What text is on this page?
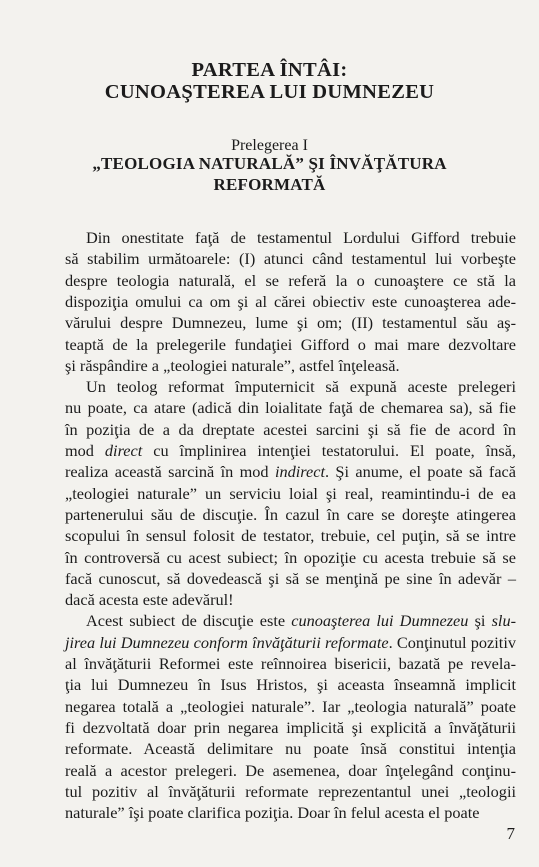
PARTEA ÎNTÂI:
CUNOAŞTEREA LUI DUMNEZEU
Prelegerea I
„TEOLOGIA NATURALĂ” ŞI ÎNVĂŢĂTURA
REFORMATĂ
Din onestitate faţă de testamentul Lordului Gifford trebuie
să stabilim următoarele: (I) atunci când testamentul lui vorbeşte
despre teologia naturală, el se referă la o cunoaştere ce stă la
dispoziţia omului ca om şi al cărei obiectiv este cunoaşterea ade-
vărului despre Dumnezeu, lume şi om; (II) testamentul său aş-
teaptă de la prelegerile fundaţiei Gifford o mai mare dezvoltare
şi răspândire a „teologiei naturale”, astfel înţeleasă.
Un teolog reformat împuternicit să expună aceste prelegeri
nu poate, ca atare (adică din loialitate faţă de chemarea sa), să fie
în poziţia de a da dreptate acestei sarcini şi să fie de acord în
mod direct cu împlinirea intenţiei testatorului. El poate, însă,
realiza această sarcină în mod indirect. Şi anume, el poate să facă
„teologiei naturale” un serviciu loial şi real, reamintindu-i de ea
partenerului său de discuţie. În cazul în care se doreşte atingerea
scopului în sensul folosit de testator, trebuie, cel puţin, să se intre
în controversă cu acest subiect; în opoziţie cu acesta trebuie să se
facă cunoscut, să dovedească şi să se menţină pe sine în adevăr –
dacă acesta este adevărul!
Acest subiect de discuţie este cunoaşterea lui Dumnezeu şi slu-
jirea lui Dumnezeu conform învăţăturii reformate. Conţinutul pozitiv
al învăţăturii Reformei este reînnoirea bisericii, bazată pe revela-
ţia lui Dumnezeu în Isus Hristos, şi aceasta înseamnă implicit
negarea totală a „teologiei naturale”. Iar „teologia naturală” poate
fi dezvoltată doar prin negarea implicită şi explicită a învăţăturii
reformate. Această delimitare nu poate însă constitui intenţia
reală a acestor prelegeri. De asemenea, doar înţelegând conţinu-
tul pozitiv al învăţăturii reformate reprezentantul unei „teologii
naturale” îşi poate clarifica poziţia. Doar în felul acesta el poate
7
